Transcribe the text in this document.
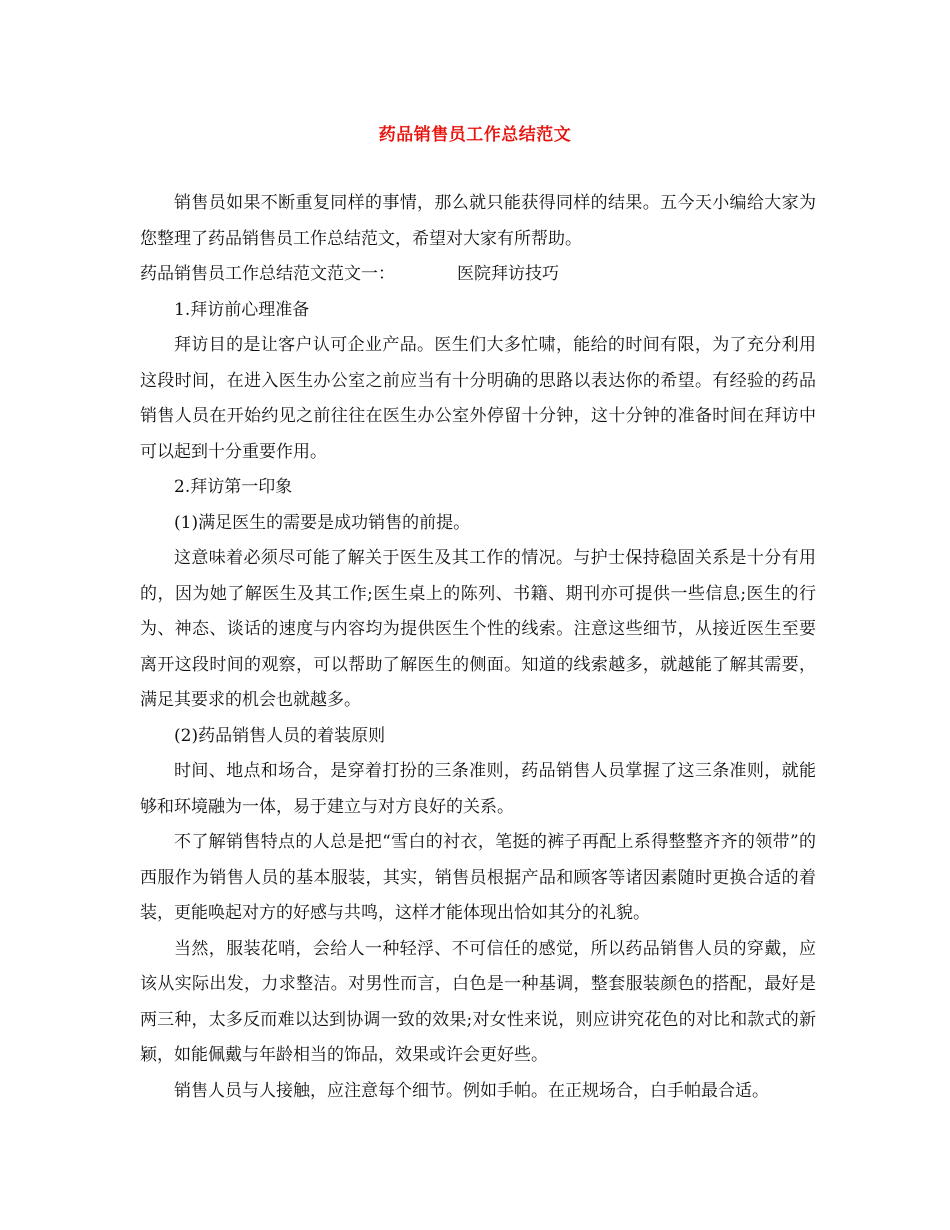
药品销售员工作总结范文

销售员如果不断重复同样的事情，那么就只能获得同样的结果。五今天小编给大家为您整理了药品销售员工作总结范文，希望对大家有所帮助。

药品销售员工作总结范文范文一：	医院拜访技巧

1.拜访前心理准备

拜访目的是让客户认可企业产品。医生们大多忙啸，能给的时间有限，为了充分利用这段时间，在进入医生办公室之前应当有十分明确的思路以表达你的希望。有经验的药品销售人员在开始约见之前往往在医生办公室外停留十分钟，这十分钟的准备时间在拜访中可以起到十分重要作用。

2.拜访第一印象

(1)满足医生的需要是成功销售的前提。

这意味着必须尽可能了解关于医生及其工作的情况。与护士保持稳固关系是十分有用的，因为她了解医生及其工作;医生桌上的陈列、书籍、期刊亦可提供一些信息;医生的行为、神态、谈话的速度与内容均为提供医生个性的线索。注意这些细节，从接近医生至要离开这段时间的观察，可以帮助了解医生的侧面。知道的线索越多，就越能了解其需要，满足其要求的机会也就越多。

(2)药品销售人员的着装原则

时间、地点和场合，是穿着打扮的三条准则，药品销售人员掌握了这三条准则，就能够和环境融为一体，易于建立与对方良好的关系。

不了解销售特点的人总是把“雪白的衬衣，笔挺的裤子再配上系得整整齐齐的领带”的西服作为销售人员的基本服装，其实，销售员根据产品和顾客等诸因素随时更换合适的着装，更能唤起对方的好感与共鸣，这样才能体现出恰如其分的礼貌。

当然，服装花哨，会给人一种轻浮、不可信任的感觉，所以药品销售人员的穿戴，应该从实际出发，力求整洁。对男性而言，白色是一种基调，整套服装颜色的搭配，最好是两三种，太多反而难以达到协调一致的效果;对女性来说，则应讲究花色的对比和款式的新颖，如能佩戴与年龄相当的饰品，效果或许会更好些。

销售人员与人接触，应注意每个细节。例如手帕。在正规场合，白手帕最合适。
